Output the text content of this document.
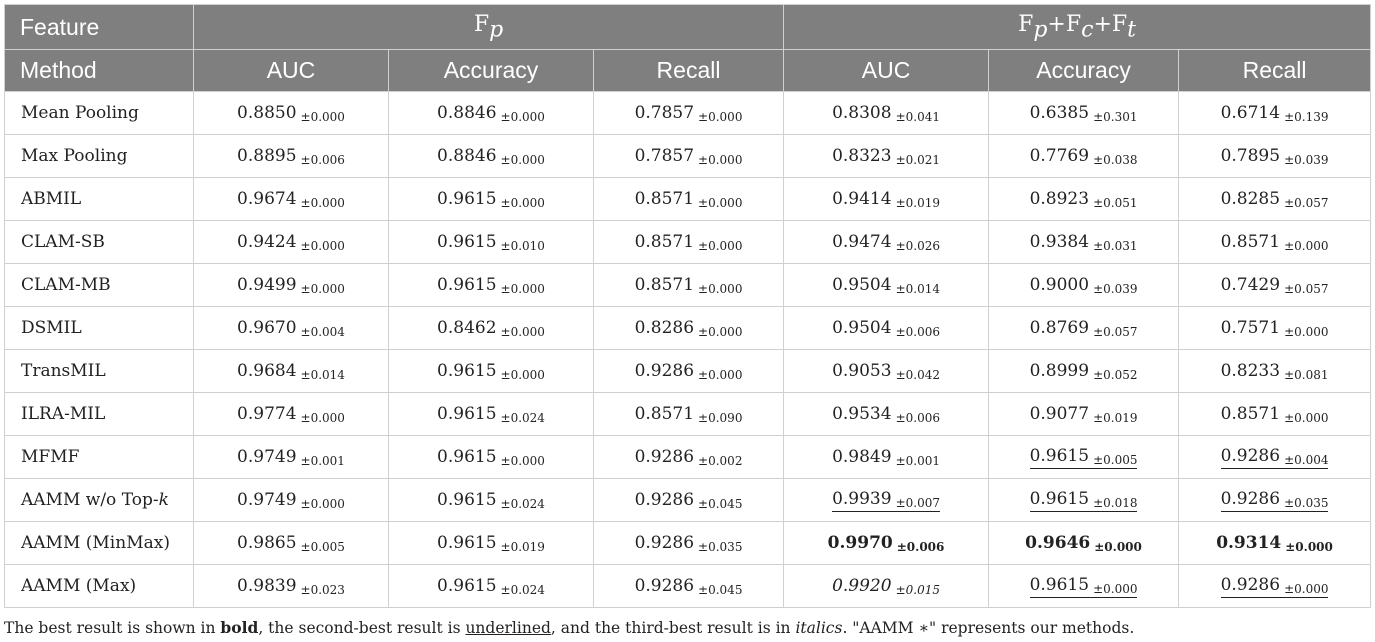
Feature	$F_p$			$F_p+F_c+F_t$
Method	AUC	Accuracy	Recall	AUC	Accuracy	Recall
Mean Pooling	0.8850 ±0.000	0.8846 ±0.000	0.7857 ±0.000	0.8308 ±0.041	0.6385 ±0.301	0.6714 ±0.139
Max Pooling	0.8895 ±0.006	0.8846 ±0.000	0.7857 ±0.000	0.8323 ±0.021	0.7769 ±0.038	0.7895 ±0.039
ABMIL	0.9674 ±0.000	0.9615 ±0.000	0.8571 ±0.000	0.9414 ±0.019	0.8923 ±0.051	0.8285 ±0.057
CLAM-SB	0.9424 ±0.000	0.9615 ±0.010	0.8571 ±0.000	0.9474 ±0.026	0.9384 ±0.031	0.8571 ±0.000
CLAM-MB	0.9499 ±0.000	0.9615 ±0.000	0.8571 ±0.000	0.9504 ±0.014	0.9000 ±0.039	0.7429 ±0.057
DSMIL	0.9670 ±0.004	0.8462 ±0.000	0.8286 ±0.000	0.9504 ±0.006	0.8769 ±0.057	0.7571 ±0.000
TransMIL	0.9684 ±0.014	0.9615 ±0.000	0.9286 ±0.000	0.9053 ±0.042	0.8999 ±0.052	0.8233 ±0.081
ILRA-MIL	0.9774 ±0.000	0.9615 ±0.024	0.8571 ±0.090	0.9534 ±0.006	0.9077 ±0.019	0.8571 ±0.000
MFMF	0.9749 ±0.001	0.9615 ±0.000	0.9286 ±0.002	0.9849 ±0.001	0.9615 ±0.005	0.9286 ±0.004
AAMM w/o Top-k	0.9749 ±0.000	0.9615 ±0.024	0.9286 ±0.045	0.9939 ±0.007	0.9615 ±0.018	0.9286 ±0.035
AAMM (MinMax)	0.9865 ±0.005	0.9615 ±0.019	0.9286 ±0.035	0.9970 ±0.006	0.9646 ±0.000	0.9314 ±0.000
AAMM (Max)	0.9839 ±0.023	0.9615 ±0.024	0.9286 ±0.045	0.9920 ±0.015	0.9615 ±0.000	0.9286 ±0.000
The best result is shown in bold, the second-best result is underlined, and the third-best result is in italics. "AAMM ∗" represents our methods.
